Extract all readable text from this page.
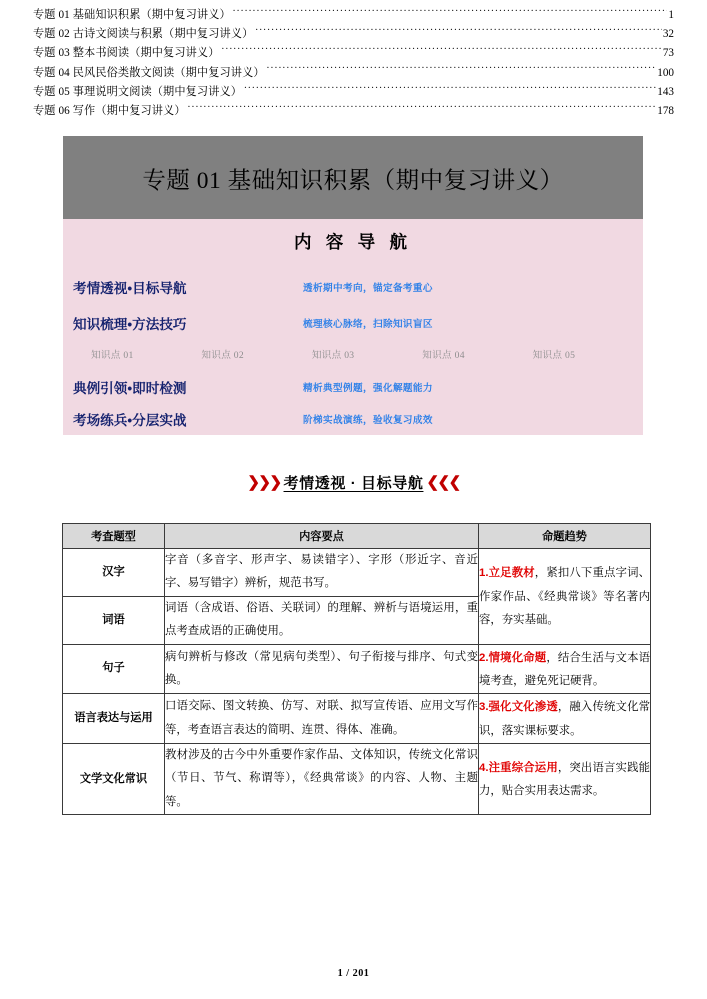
专题 01 基础知识积累（期中复习讲义） .....	1
专题 02 古诗文阅读与积累（期中复习讲义） .....	32
专题 03 整本书阅读（期中复习讲义） .....	73
专题 04 民风民俗类散文阅读（期中复习讲义） .....	100
专题 05 事理说明文阅读（期中复习讲义） .....	143
专题 06 写作（期中复习讲义） .....	178
专题 01 基础知识积累（期中复习讲义）
内 容 导 航
考情透视•目标导航	透析期中考向，锚定备考重心
知识梳理•方法技巧	梳理核心脉络，扫除知识盲区
知识点 01	知识点 02	知识点 03	知识点 04	知识点 05
典例引领•即时检测	精析典型例题，强化解题能力
考场练兵•分层实战	阶梯实战演练，验收复习成效
❯❯❯ 考情透视 · 目标导航 ❮❮❮
考查题型	内容要点	命题趋势
汉字	字音（多音字、形声字、易读错字）、字形（形近字、音近字、易写错字）辨析，规范书写。	1.立足教材，紧扣八下重点字词、作家作品、《经典常谈》等名著内容，夯实基础。

词语	词语（含成语、俗语、关联词）的理解、辨析与语境运用，重点考查成语的正确使用。	
句子	病句辨析与修改（常见病句类型）、句子衔接与排序、句式变换。	2.情境化命题，结合生活与文本语境考查，避免死记硬背。

语言表达与运用	口语交际、图文转换、仿写、对联、拟写宣传语、应用文写作等，考查语言表达的简明、连贯、得体、准确。	3.强化文化渗透，融入传统文化常识，落实课标要求。

文学文化常识	教材涉及的古今中外重要作家作品、文体知识，传统文化常识（节日、节气、称谓等），《经典常谈》的内容、人物、主题等。	4.注重综合运用，突出语言实践能力，贴合实用表达需求。
1 / 201
